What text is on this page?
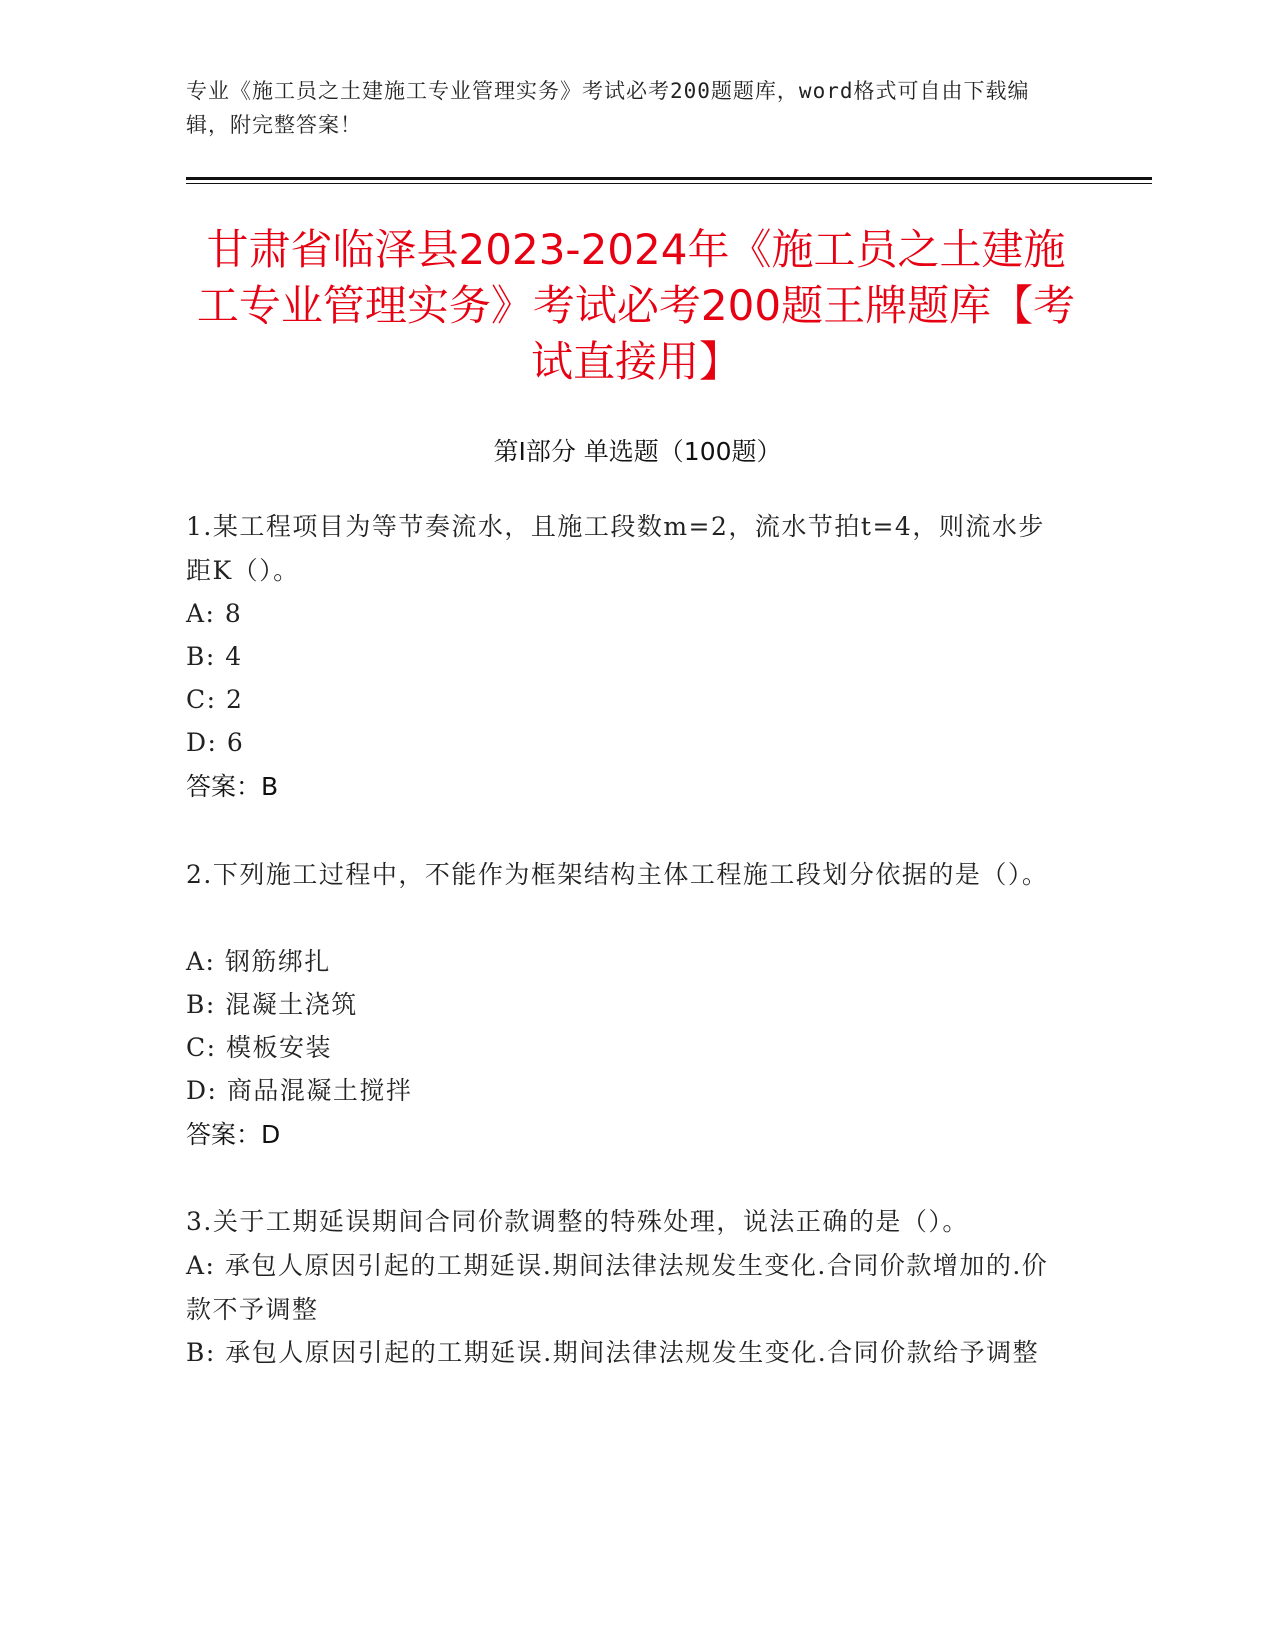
专业《施工员之土建施工专业管理实务》考试必考200题题库，word格式可自由下载编辑，附完整答案！
甘肃省临泽县2023-2024年《施工员之土建施工专业管理实务》考试必考200题王牌题库【考试直接用】
第Ⅰ部分 单选题（100题）
1.某工程项目为等节奏流水，且施工段数m=2，流水节拍t=4，则流水步距K（）。
A: 8
B: 4
C: 2
D: 6
答案：B
2.下列施工过程中，不能作为框架结构主体工程施工段划分依据的是（）。
A: 钢筋绑扎
B: 混凝土浇筑
C: 模板安装
D: 商品混凝土搅拌
答案：D
3.关于工期延误期间合同价款调整的特殊处理，说法正确的是（）。
A: 承包人原因引起的工期延误.期间法律法规发生变化.合同价款增加的.价款不予调整
B: 承包人原因引起的工期延误.期间法律法规发生变化.合同价款给予调整
